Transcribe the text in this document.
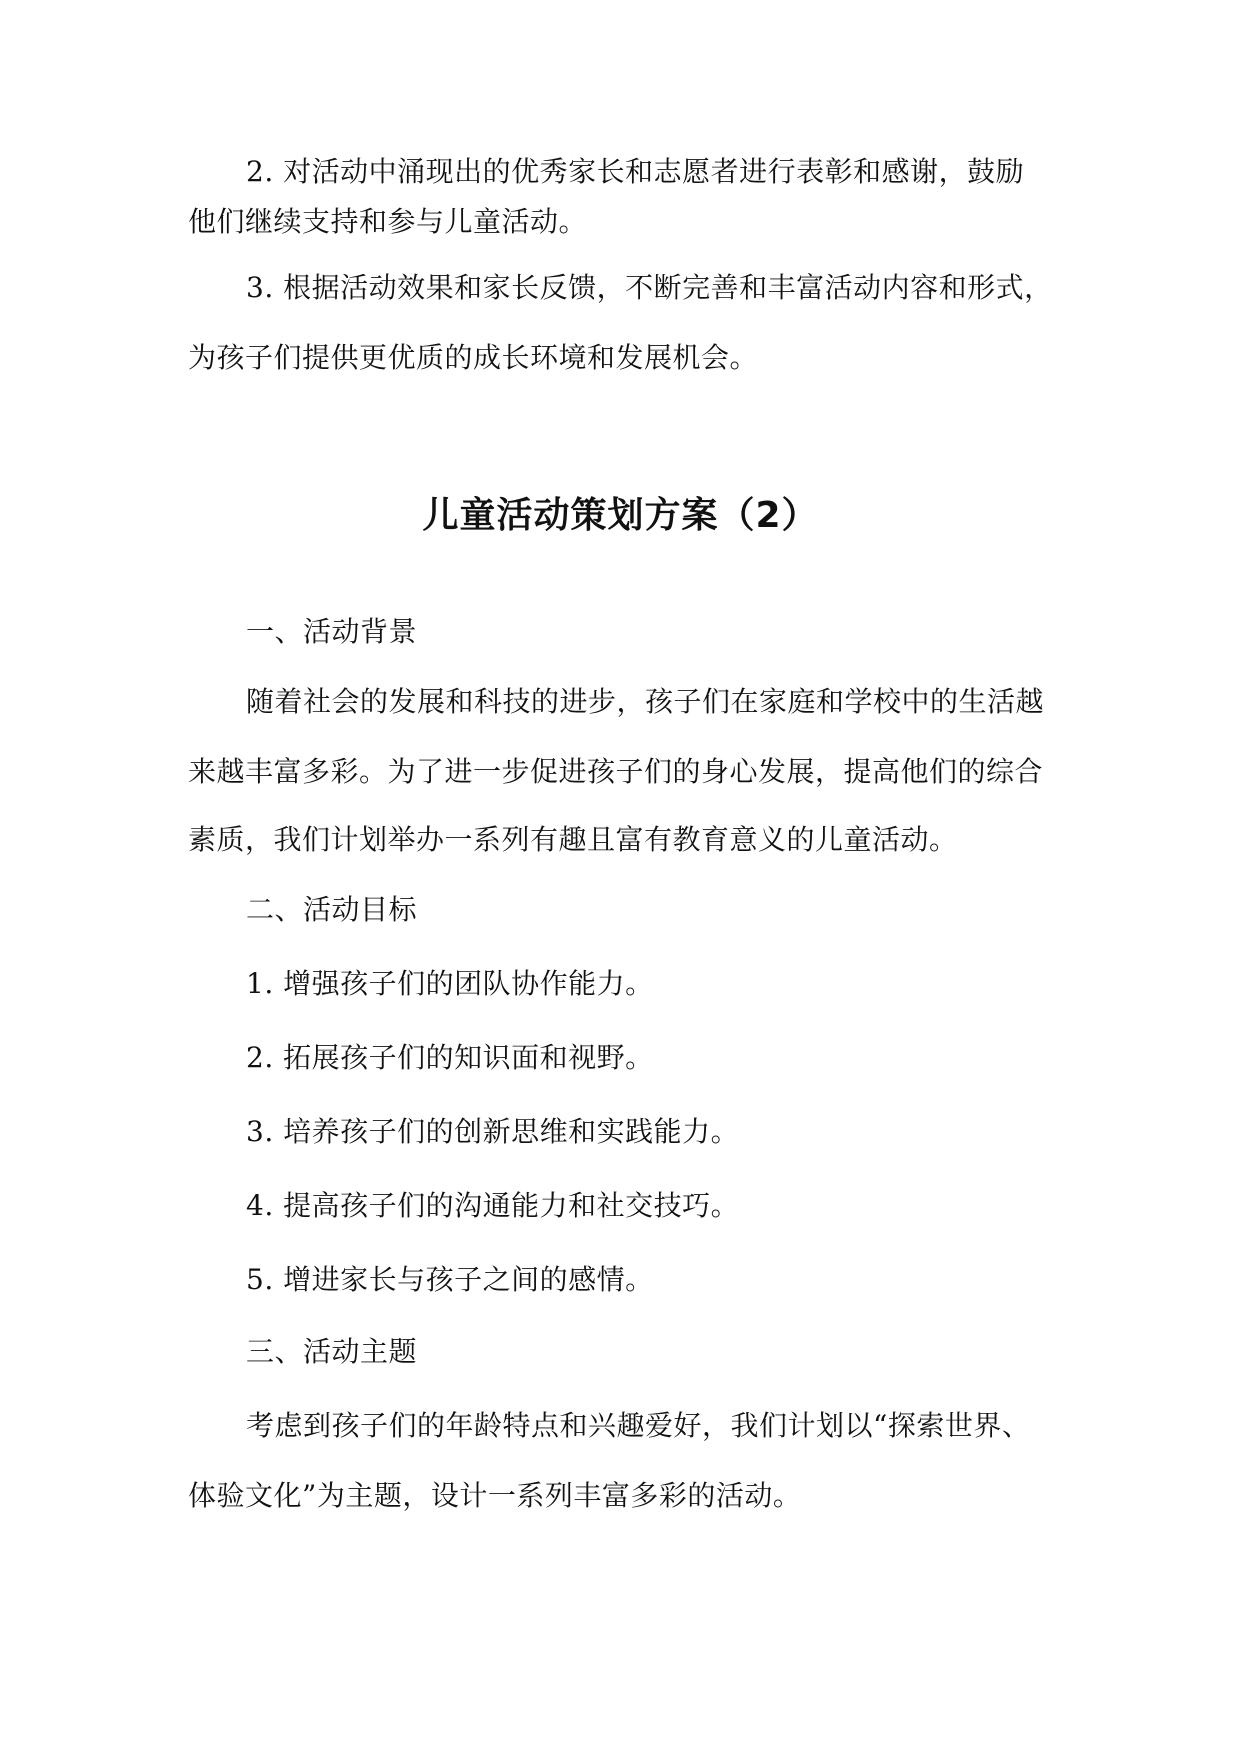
2. 对活动中涌现出的优秀家长和志愿者进行表彰和感谢，鼓励
他们继续支持和参与儿童活动。
3. 根据活动效果和家长反馈，不断完善和丰富活动内容和形式，
为孩子们提供更优质的成长环境和发展机会。
儿童活动策划方案（2）
一、活动背景
随着社会的发展和科技的进步，孩子们在家庭和学校中的生活越
来越丰富多彩。为了进一步促进孩子们的身心发展，提高他们的综合
素质，我们计划举办一系列有趣且富有教育意义的儿童活动。
二、活动目标
1. 增强孩子们的团队协作能力。
2. 拓展孩子们的知识面和视野。
3. 培养孩子们的创新思维和实践能力。
4. 提高孩子们的沟通能力和社交技巧。
5. 增进家长与孩子之间的感情。
三、活动主题
考虑到孩子们的年龄特点和兴趣爱好，我们计划以“探索世界、
体验文化”为主题，设计一系列丰富多彩的活动。
